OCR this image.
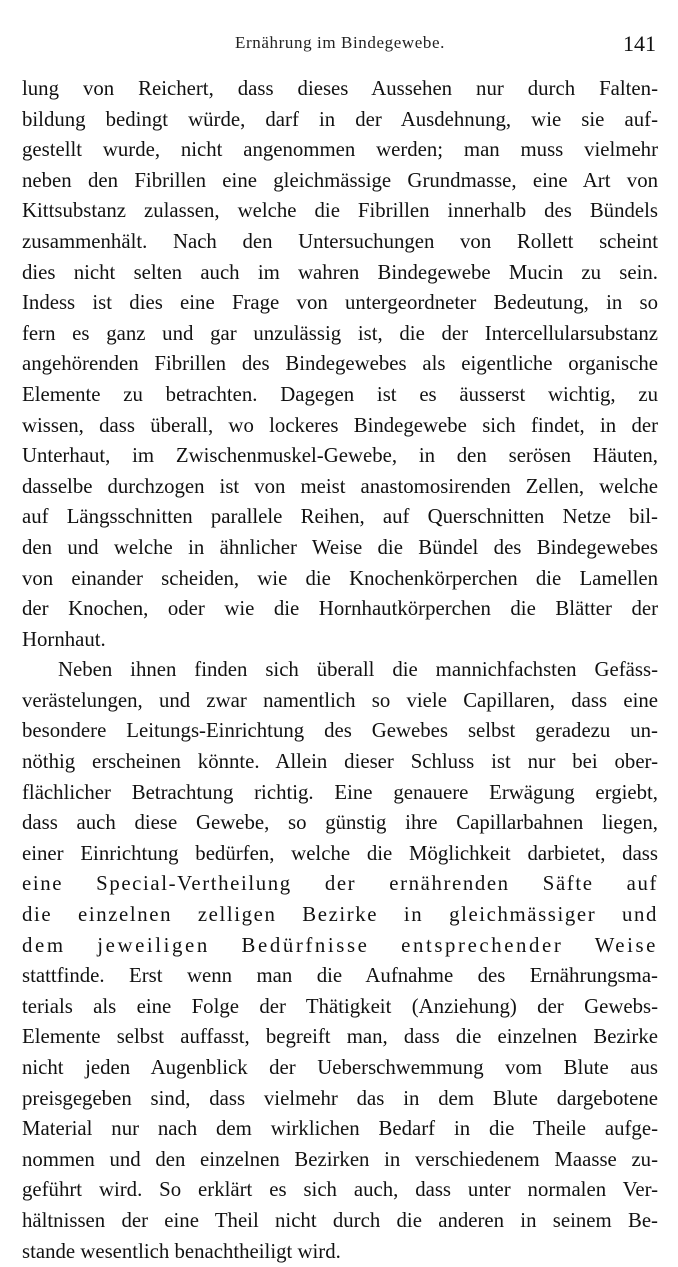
Ernährung im Bindegewebe.	141
lung von Reichert, dass dieses Aussehen nur durch Falten-
bildung bedingt würde, darf in der Ausdehnung, wie sie auf-
gestellt wurde, nicht angenommen werden; man muss vielmehr
neben den Fibrillen eine gleichmässige Grundmasse, eine Art von
Kittsubstanz zulassen, welche die Fibrillen innerhalb des Bündels
zusammenhält. Nach den Untersuchungen von Rollett scheint
dies nicht selten auch im wahren Bindegewebe Mucin zu sein.
Indess ist dies eine Frage von untergeordneter Bedeutung, in so
fern es ganz und gar unzulässig ist, die der Intercellularsubstanz
angehörenden Fibrillen des Bindegewebes als eigentliche organische
Elemente zu betrachten. Dagegen ist es äusserst wichtig, zu
wissen, dass überall, wo lockeres Bindegewebe sich findet, in der
Unterhaut, im Zwischenmuskel-Gewebe, in den serösen Häuten,
dasselbe durchzogen ist von meist anastomosirenden Zellen, welche
auf Längsschnitten parallele Reihen, auf Querschnitten Netze bil-
den und welche in ähnlicher Weise die Bündel des Bindegewebes
von einander scheiden, wie die Knochenkörperchen die Lamellen
der Knochen, oder wie die Hornhautkörperchen die Blätter der
Hornhaut.
Neben ihnen finden sich überall die mannichfachsten Gefäss-
verästelungen, und zwar namentlich so viele Capillaren, dass eine
besondere Leitungs-Einrichtung des Gewebes selbst geradezu un-
nöthig erscheinen könnte. Allein dieser Schluss ist nur bei ober-
flächlicher Betrachtung richtig. Eine genauere Erwägung ergiebt,
dass auch diese Gewebe, so günstig ihre Capillarbahnen liegen,
einer Einrichtung bedürfen, welche die Möglichkeit darbietet, dass
eine Special-Vertheilung der ernährenden Säfte auf
die einzelnen zelligen Bezirke in gleichmässiger und
dem jeweiligen Bedürfnisse entsprechender Weise
stattfinde. Erst wenn man die Aufnahme des Ernährungsma-
terials als eine Folge der Thätigkeit (Anziehung) der Gewebs-
Elemente selbst auffasst, begreift man, dass die einzelnen Bezirke
nicht jeden Augenblick der Ueberschwemmung vom Blute aus
preisgegeben sind, dass vielmehr das in dem Blute dargebotene
Material nur nach dem wirklichen Bedarf in die Theile aufge-
nommen und den einzelnen Bezirken in verschiedenem Maasse zu-
geführt wird. So erklärt es sich auch, dass unter normalen Ver-
hältnissen der eine Theil nicht durch die anderen in seinem Be-
stande wesentlich benachtheiligt wird.
